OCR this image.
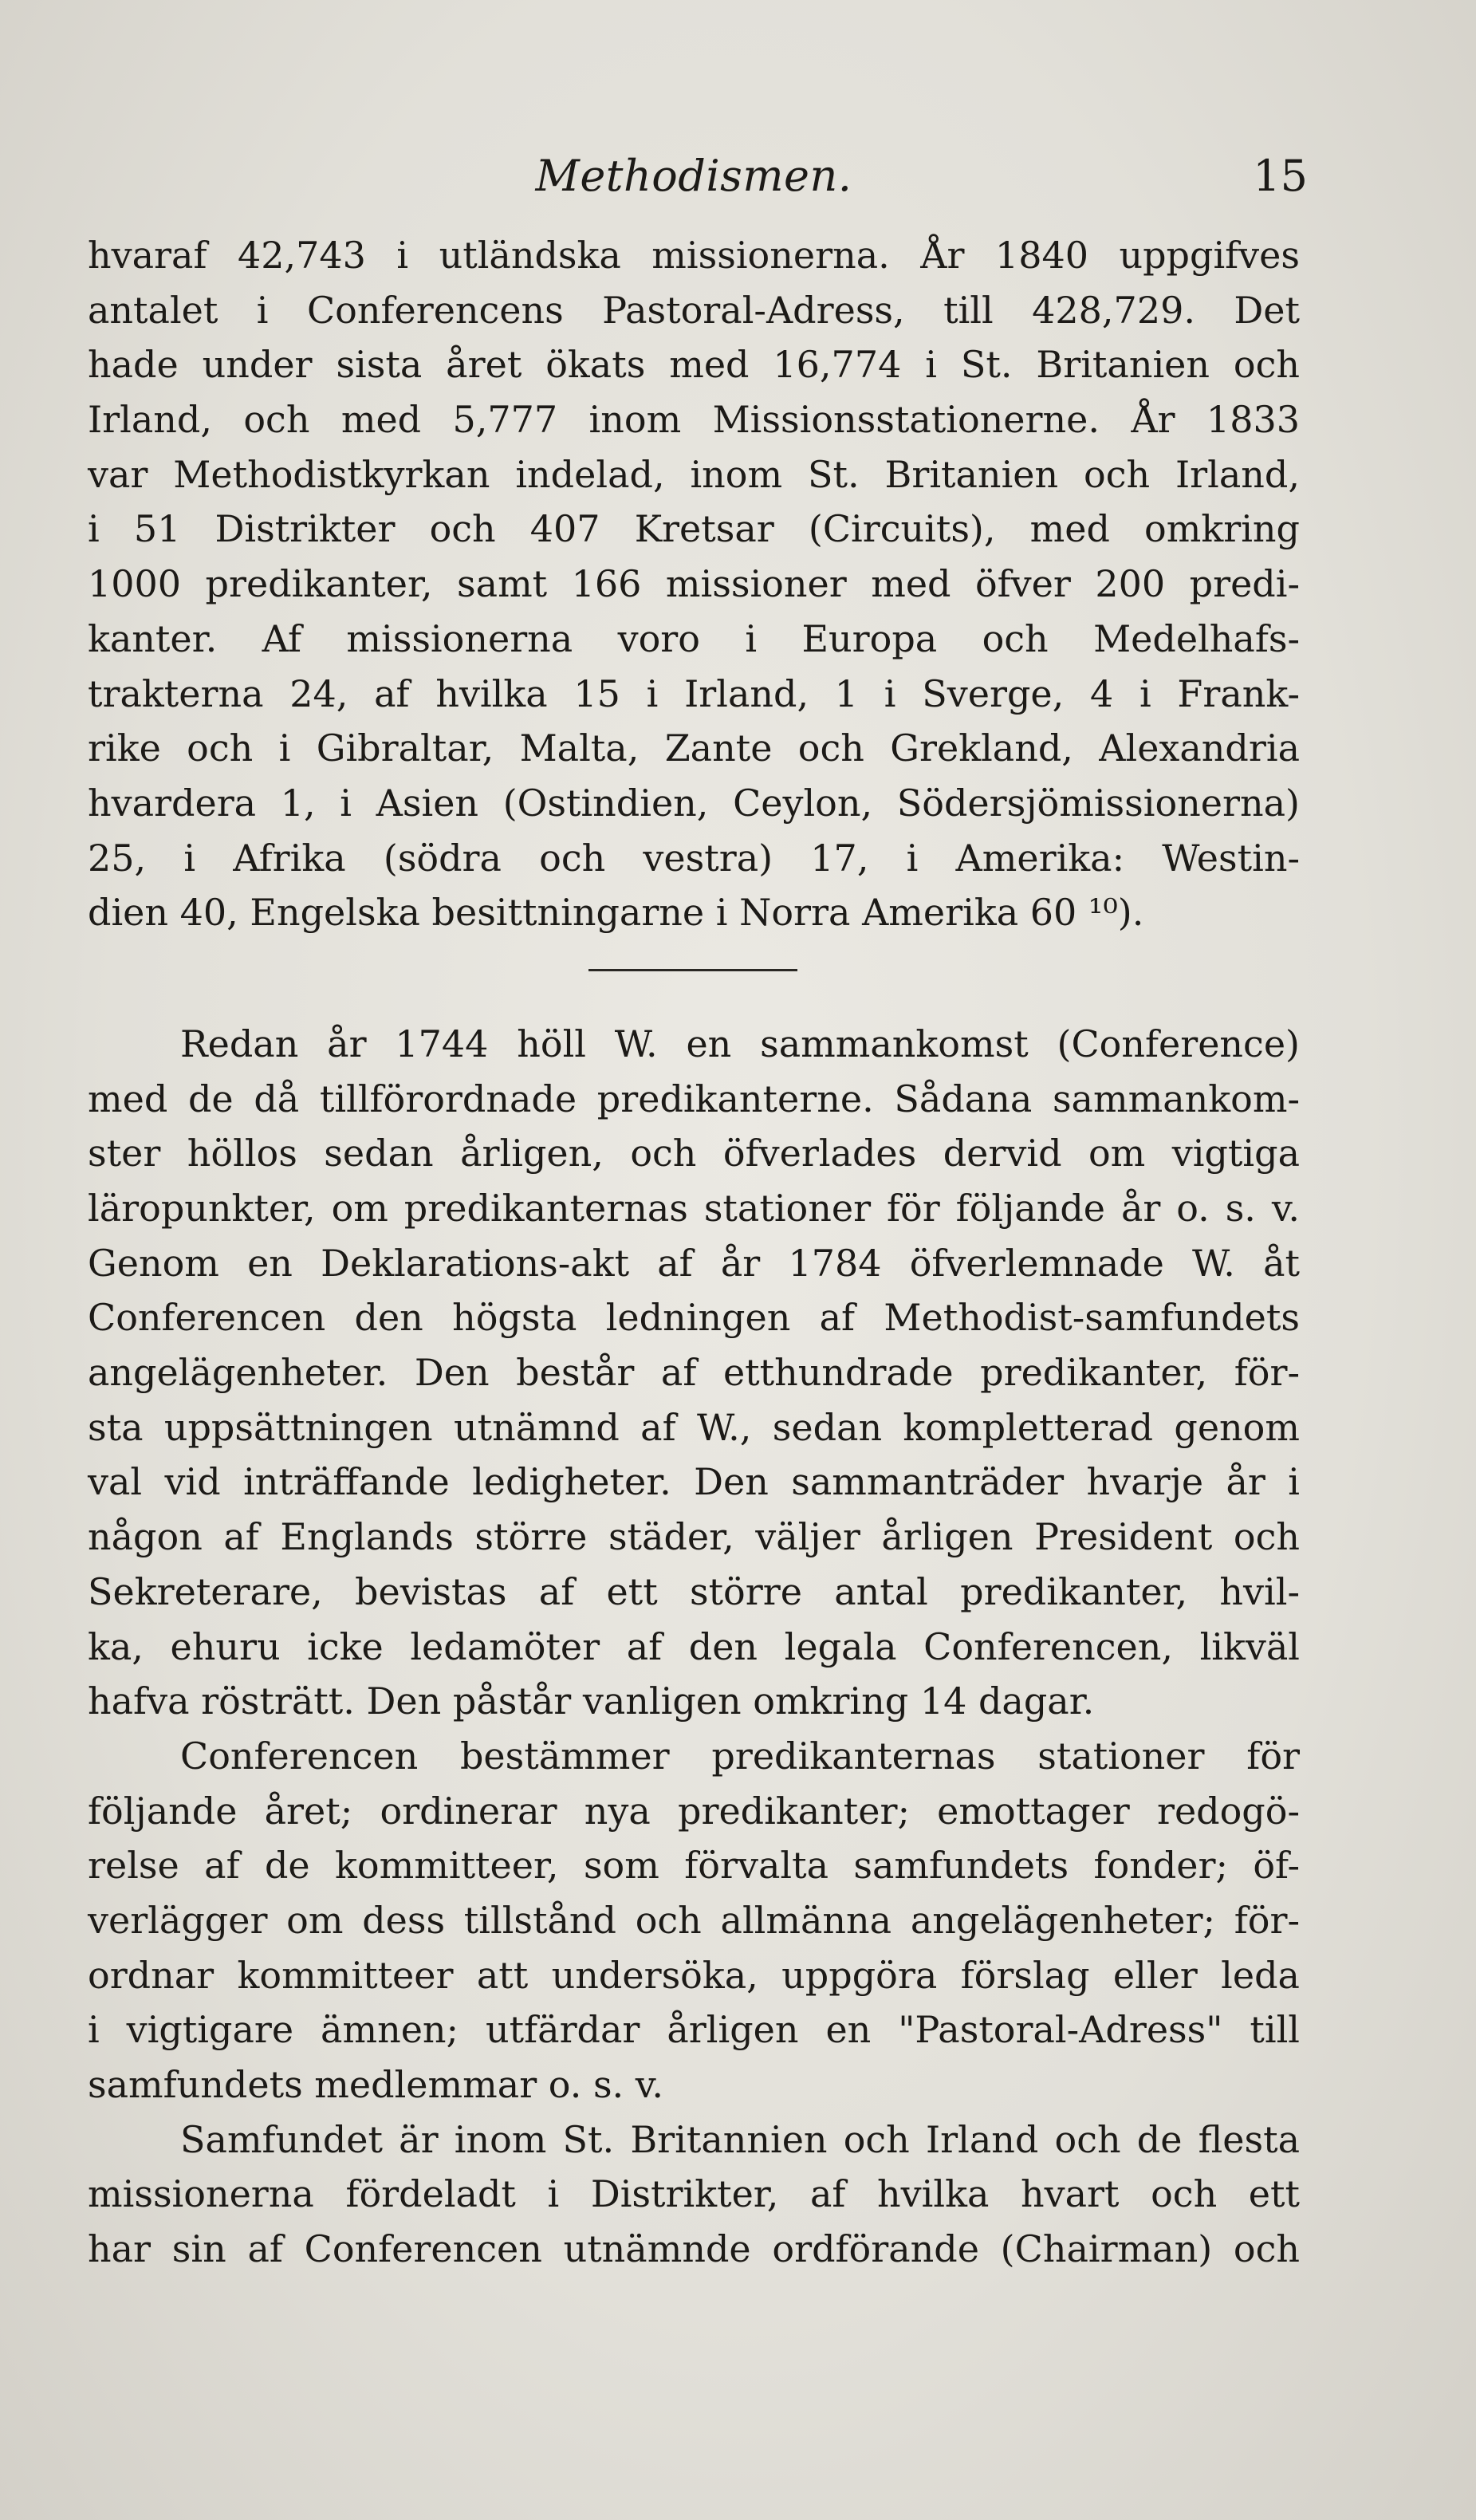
Methodismen.	15
hvaraf 42,743 i utländska missionerna. År 1840 uppgifves
antalet i Conferencens Pastoral-Adress, till 428,729. Det
hade under sista året ökats med 16,774 i St. Britanien och
Irland, och med 5,777 inom Missionsstationerne. År 1833
var Methodistkyrkan indelad, inom St. Britanien och Irland,
i 51 Distrikter och 407 Kretsar (Circuits), med omkring
1000 predikanter, samt 166 missioner med öfver 200 predi-
kanter. Af missionerna voro i Europa och Medelhafs-
trakterna 24, af hvilka 15 i Irland, 1 i Sverge, 4 i Frank-
rike och i Gibraltar, Malta, Zante och Grekland, Alexandria
hvardera 1, i Asien (Ostindien, Ceylon, Södersjömissionerna)
25, i Afrika (södra och vestra) 17, i Amerika: Westin-
dien 40, Engelska besittningarne i Norra Amerika 60 ¹⁰).
Redan år 1744 höll W. en sammankomst (Conference)
med de då tillförordnade predikanterne. Sådana sammankom-
ster höllos sedan årligen, och öfverlades dervid om vigtiga
läropunkter, om predikanternas stationer för följande år o. s. v.
Genom en Deklarations-akt af år 1784 öfverlemnade W. åt
Conferencen den högsta ledningen af Methodist-samfundets
angelägenheter. Den består af etthundrade predikanter, för-
sta uppsättningen utnämnd af W., sedan kompletterad genom
val vid inträffande ledigheter. Den sammanträder hvarje år i
någon af Englands större städer, väljer årligen President och
Sekreterare, bevistas af ett större antal predikanter, hvil-
ka, ehuru icke ledamöter af den legala Conferencen, likväl
hafva rösträtt. Den påstår vanligen omkring 14 dagar.
Conferencen bestämmer predikanternas stationer för
följande året; ordinerar nya predikanter; emottager redogö-
relse af de kommitteer, som förvalta samfundets fonder; öf-
verlägger om dess tillstånd och allmänna angelägenheter; för-
ordnar kommitteer att undersöka, uppgöra förslag eller leda
i vigtigare ämnen; utfärdar årligen en "Pastoral-Adress" till
samfundets medlemmar o. s. v.
Samfundet är inom St. Britannien och Irland och de flesta
missionerna fördeladt i Distrikter, af hvilka hvart och ett
har sin af Conferencen utnämnde ordförande (Chairman) och
